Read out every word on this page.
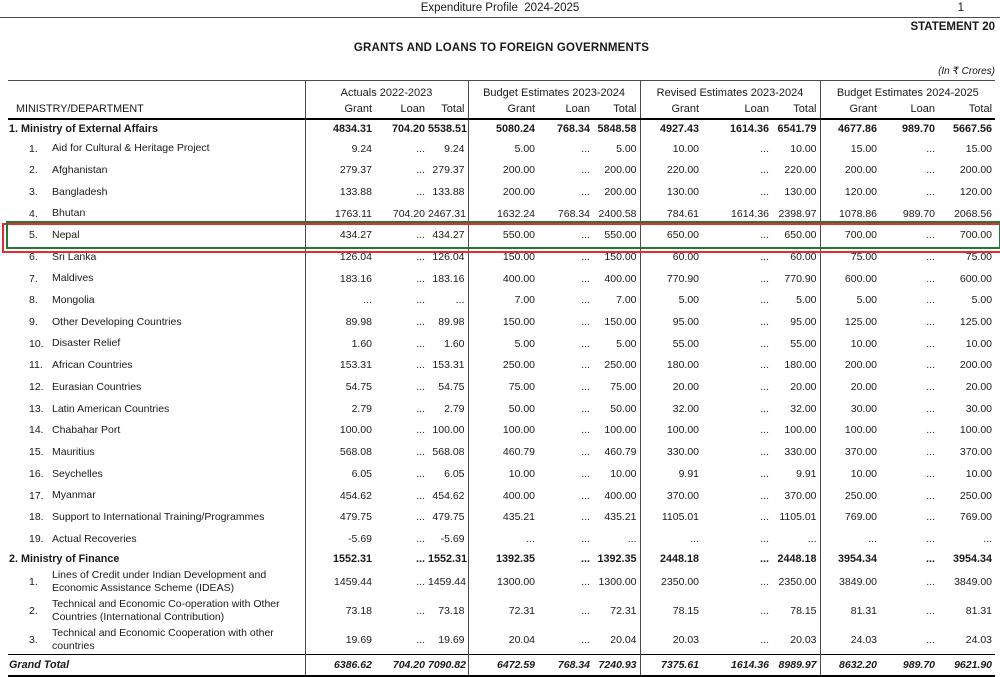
Expenditure Profile  2024-2025	1
STATEMENT 20
GRANTS AND LOANS TO FOREIGN GOVERNMENTS
(In ₹ Crores)
		Actuals 2022-2023			Budget Estimates 2023-2024			Revised Estimates 2023-2024			Budget Estimates 2024-2025		
MINISTRY/DEPARTMENT		Grant	Loan	Total	Grant	Loan	Total	Grant	Loan	Total	Grant	Loan	Total
1. Ministry of External Affairs		4834.31	704.20	5538.51	5080.24	768.34	5848.58	4927.43	1614.36	6541.79	4677.86	989.70	5667.56
1.	Aid for Cultural & Heritage Project	9.24	...	9.24	5.00	...	5.00	10.00	...	10.00	15.00	...	15.00
2.	Afghanistan	279.37	...	279.37	200.00	...	200.00	220.00	...	220.00	200.00	...	200.00
3.	Bangladesh	133.88	...	133.88	200.00	...	200.00	130.00	...	130.00	120.00	...	120.00
4.	Bhutan	1763.11	704.20	2467.31	1632.24	768.34	2400.58	784.61	1614.36	2398.97	1078.86	989.70	2068.56
5.	Nepal	434.27	...	434.27	550.00	...	550.00	650.00	...	650.00	700.00	...	700.00
6.	Sri Lanka	126.04	...	126.04	150.00	...	150.00	60.00	...	60.00	75.00	...	75.00
7.	Maldives	183.16	...	183.16	400.00	...	400.00	770.90	...	770.90	600.00	...	600.00
8.	Mongolia	...	...	...	7.00	...	7.00	5.00	...	5.00	5.00	...	5.00
9.	Other Developing Countries	89.98	...	89.98	150.00	...	150.00	95.00	...	95.00	125.00	...	125.00
10.	Disaster Relief	1.60	...	1.60	5.00	...	5.00	55.00	...	55.00	10.00	...	10.00
11.	African Countries	153.31	...	153.31	250.00	...	250.00	180.00	...	180.00	200.00	...	200.00
12.	Eurasian Countries	54.75	...	54.75	75.00	...	75.00	20.00	...	20.00	20.00	...	20.00
13.	Latin American Countries	2.79	...	2.79	50.00	...	50.00	32.00	...	32.00	30.00	...	30.00
14.	Chabahar Port	100.00	...	100.00	100.00	...	100.00	100.00	...	100.00	100.00	...	100.00
15.	Mauritius	568.08	...	568.08	460.79	...	460.79	330.00	...	330.00	370.00	...	370.00
16.	Seychelles	6.05	...	6.05	10.00	...	10.00	9.91	...	9.91	10.00	...	10.00
17.	Myanmar	454.62	...	454.62	400.00	...	400.00	370.00	...	370.00	250.00	...	250.00
18.	Support to International Training/Programmes	479.75	...	479.75	435.21	...	435.21	1105.01	...	1105.01	769.00	...	769.00
19.	Actual Recoveries	-5.69	...	-5.69	...	...	...	...	...	...	...	...	...
2. Ministry of Finance		1552.31	...	1552.31	1392.35	...	1392.35	2448.18	...	2448.18	3954.34	...	3954.34
1.	Lines of Credit under Indian Development and Economic Assistance Scheme (IDEAS)	1459.44	...	1459.44	1300.00	...	1300.00	2350.00	...	2350.00	3849.00	...	3849.00
2.	Technical and Economic Co-operation with Other Countries (International Contribution)	73.18	...	73.18	72.31	...	72.31	78.15	...	78.15	81.31	...	81.31
3.	Technical and Economic Cooperation with other countries	19.69	...	19.69	20.04	...	20.04	20.03	...	20.03	24.03	...	24.03
Grand Total		6386.62	704.20	7090.82	6472.59	768.34	7240.93	7375.61	1614.36	8989.97	8632.20	989.70	9621.90
